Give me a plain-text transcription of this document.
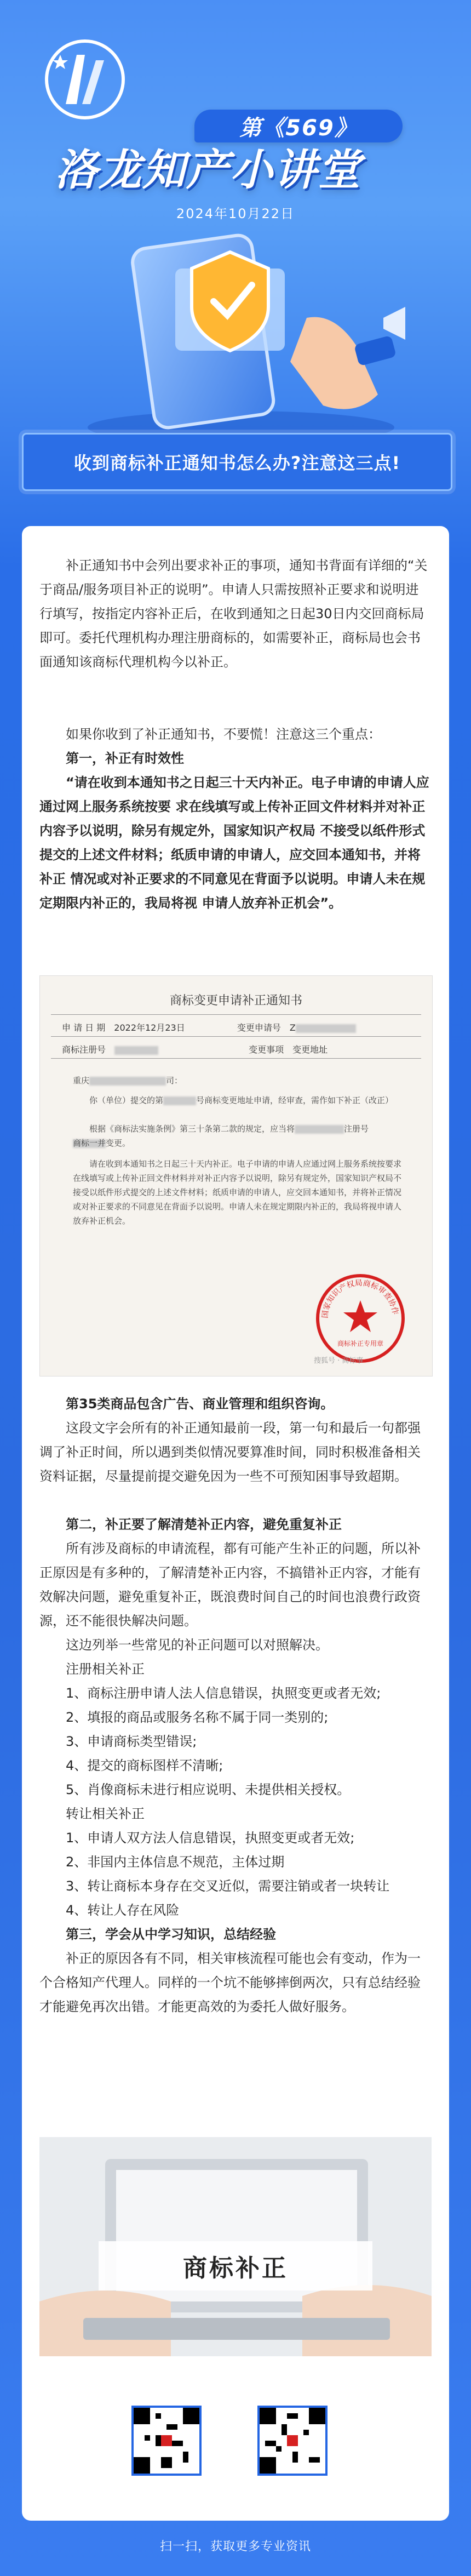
第《569》
洛龙知产小讲堂
2024年10月22日
收到商标补正通知书怎么办?注意这三点!

补正通知书中会列出要求补正的事项，通知书背面有详细的“关于商品/服务项目补正的说明”。申请人只需按照补正要求和说明进行填写，按指定内容补正后，在收到通知之日起30日内交回商标局即可。委托代理机构办理注册商标的，如需要补正，商标局也会书面通知该商标代理机构今以补正。

如果你收到了补正通知书，不要慌！注意这三个重点：

第一，补正有时效性

“请在收到本通知书之日起三十天内补正。电子申请的申请人应通过网上服务系统按要 求在线填写或上传补正回文件材料并对补正内容予以说明，除另有规定外，国家知识产权局 不接受以纸件形式提交的上述文件材料；纸质申请的申请人，应交回本通知书，并将补正 情况或对补正要求的不同意见在背面予以说明。申请人未在规定期限内补正的，我局将视 申请人放弃补正机会”。

商标变更申请补正通知书
申 请 日 期　 2022年12月23日	变更申请号　 Z
商标注册号　	变更事项　 变更地址
重庆	司：
你（单位）提交的第	号商标变更地址申请，经审查，需作如下补正（改正）
根据《商标法实施条例》第三十条第二款的规定，应当将	注册号
商标一并变更。
请在收到本通知书之日起三十天内补正。电子申请的申请人应通过网上服务系统按要求在线填写或上传补正回文件材料并对补正内容予以说明，除另有规定外，国家知识产权局不接受以纸件形式提交的上述文件材料；纸质申请的申请人，应交回本通知书，并将补正情况或对补正要求的不同意见在背面予以说明。申请人未在规定期限内补正的，我局将视申请人放弃补正机会。
国家知识产权局商标审查协作
商标补正专用章
搜狐号 · 商标事

第35类商品包含广告、商业管理和组织咨询。

这段文字会所有的补正通知最前一段，第一句和最后一句都强调了补正时间，所以遇到类似情况要算准时间，同时积极准备相关资料证据，尽量提前提交避免因为一些不可预知困事导致超期。

第二，补正要了解清楚补正内容，避免重复补正

所有涉及商标的申请流程，都有可能产生补正的问题，所以补正原因是有多种的，了解清楚补正内容，不搞错补正内容，才能有效解决问题，避免重复补正，既浪费时间自己的时间也浪费行政资源，还不能很快解决问题。

这边列举一些常见的补正问题可以对照解决。

注册相关补正

1、商标注册申请人法人信息错误，执照变更或者无效;

2、填报的商品或服务名称不属于同一类别的;

3、申请商标类型错误;

4、提交的商标图样不清晰;

5、肖像商标未进行相应说明、未提供相关授权。

转让相关补正

1、申请人双方法人信息错误，执照变更或者无效;

2、非国内主体信息不规范，主体过期

3、转让商标本身存在交叉近似，需要注销或者一块转让

4、转让人存在风险

第三，学会从中学习知识，总结经验

补正的原因各有不同，相关审核流程可能也会有变动，作为一个合格知产代理人。同样的一个坑不能够摔倒两次，只有总结经验才能避免再次出错。才能更高效的为委托人做好服务。

商标补正
扫一扫，获取更多专业资讯
